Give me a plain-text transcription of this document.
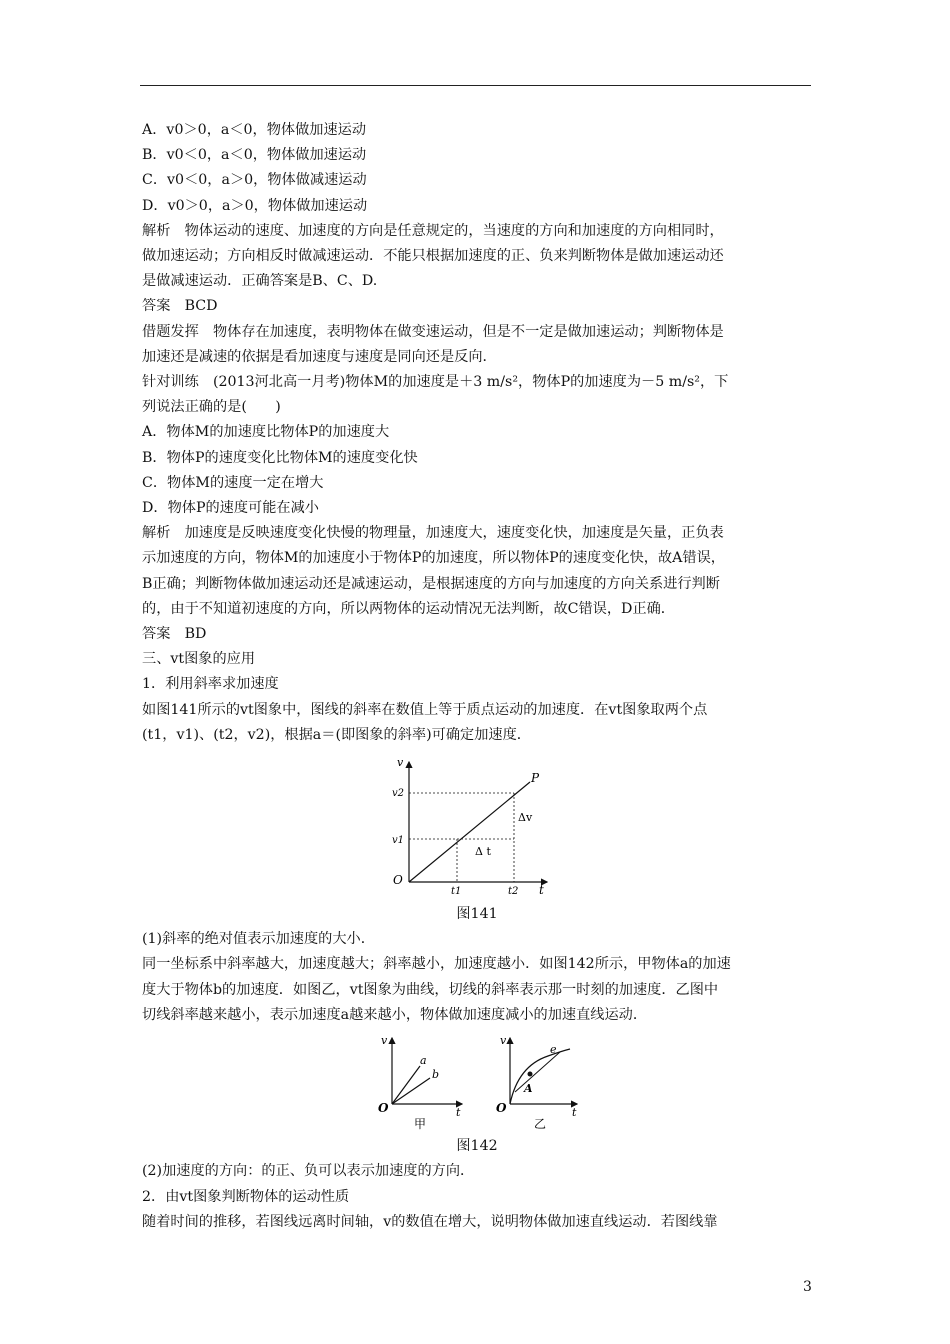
A．v0＞0，a＜0，物体做加速运动
B．v0＜0，a＜0，物体做加速运动
C．v0＜0，a＞0，物体做减速运动
D．v0＞0，a＞0，物体做加速运动
解析　物体运动的速度、加速度的方向是任意规定的，当速度的方向和加速度的方向相同时，
做加速运动；方向相反时做减速运动．不能只根据加速度的正、负来判断物体是做加速运动还
是做减速运动．正确答案是B、C、D.
答案　BCD
借题发挥　物体存在加速度，表明物体在做变速运动，但是不一定是做加速运动；判断物体是
加速还是减速的依据是看加速度与速度是同向还是反向．
针对训练　(2013河北高一月考)物体M的加速度是＋3 m/s²，物体P的加速度为－5 m/s²，下
列说法正确的是(　　)
A．物体M的加速度比物体P的加速度大
B．物体P的速度变化比物体M的速度变化快
C．物体M的速度一定在增大
D．物体P的速度可能在减小
解析　加速度是反映速度变化快慢的物理量，加速度大，速度变化快，加速度是矢量，正负表
示加速度的方向，物体M的加速度小于物体P的加速度，所以物体P的速度变化快，故A错误，
B正确；判断物体做加速运动还是减速运动，是根据速度的方向与加速度的方向关系进行判断
的，由于不知道初速度的方向，所以两物体的运动情况无法判断，故C错误，D正确．
答案　BD
三、vt图象的应用
1．利用斜率求加速度
如图141所示的vt图象中，图线的斜率在数值上等于质点运动的加速度．在vt图象取两个点
(t1，v1)、(t2，v2)，根据a＝(即图象的斜率)可确定加速度．
v
v2
v1
O
t1	t2 t
P
Δv
Δ t
图141
(1)斜率的绝对值表示加速度的大小．
同一坐标系中斜率越大，加速度越大；斜率越小，加速度越小．如图142所示，甲物体a的加速
度大于物体b的加速度．如图乙，vt图象为曲线，切线的斜率表示那一时刻的加速度．乙图中
切线斜率越来越小，表示加速度a越来越小，物体做加速度减小的加速直线运动．
v
a
b
O	t
甲
v
e
A
O	t
乙
图142
(2)加速度的方向：的正、负可以表示加速度的方向．
2．由vt图象判断物体的运动性质
随着时间的推移，若图线远离时间轴，v的数值在增大，说明物体做加速直线运动．若图线靠
3
